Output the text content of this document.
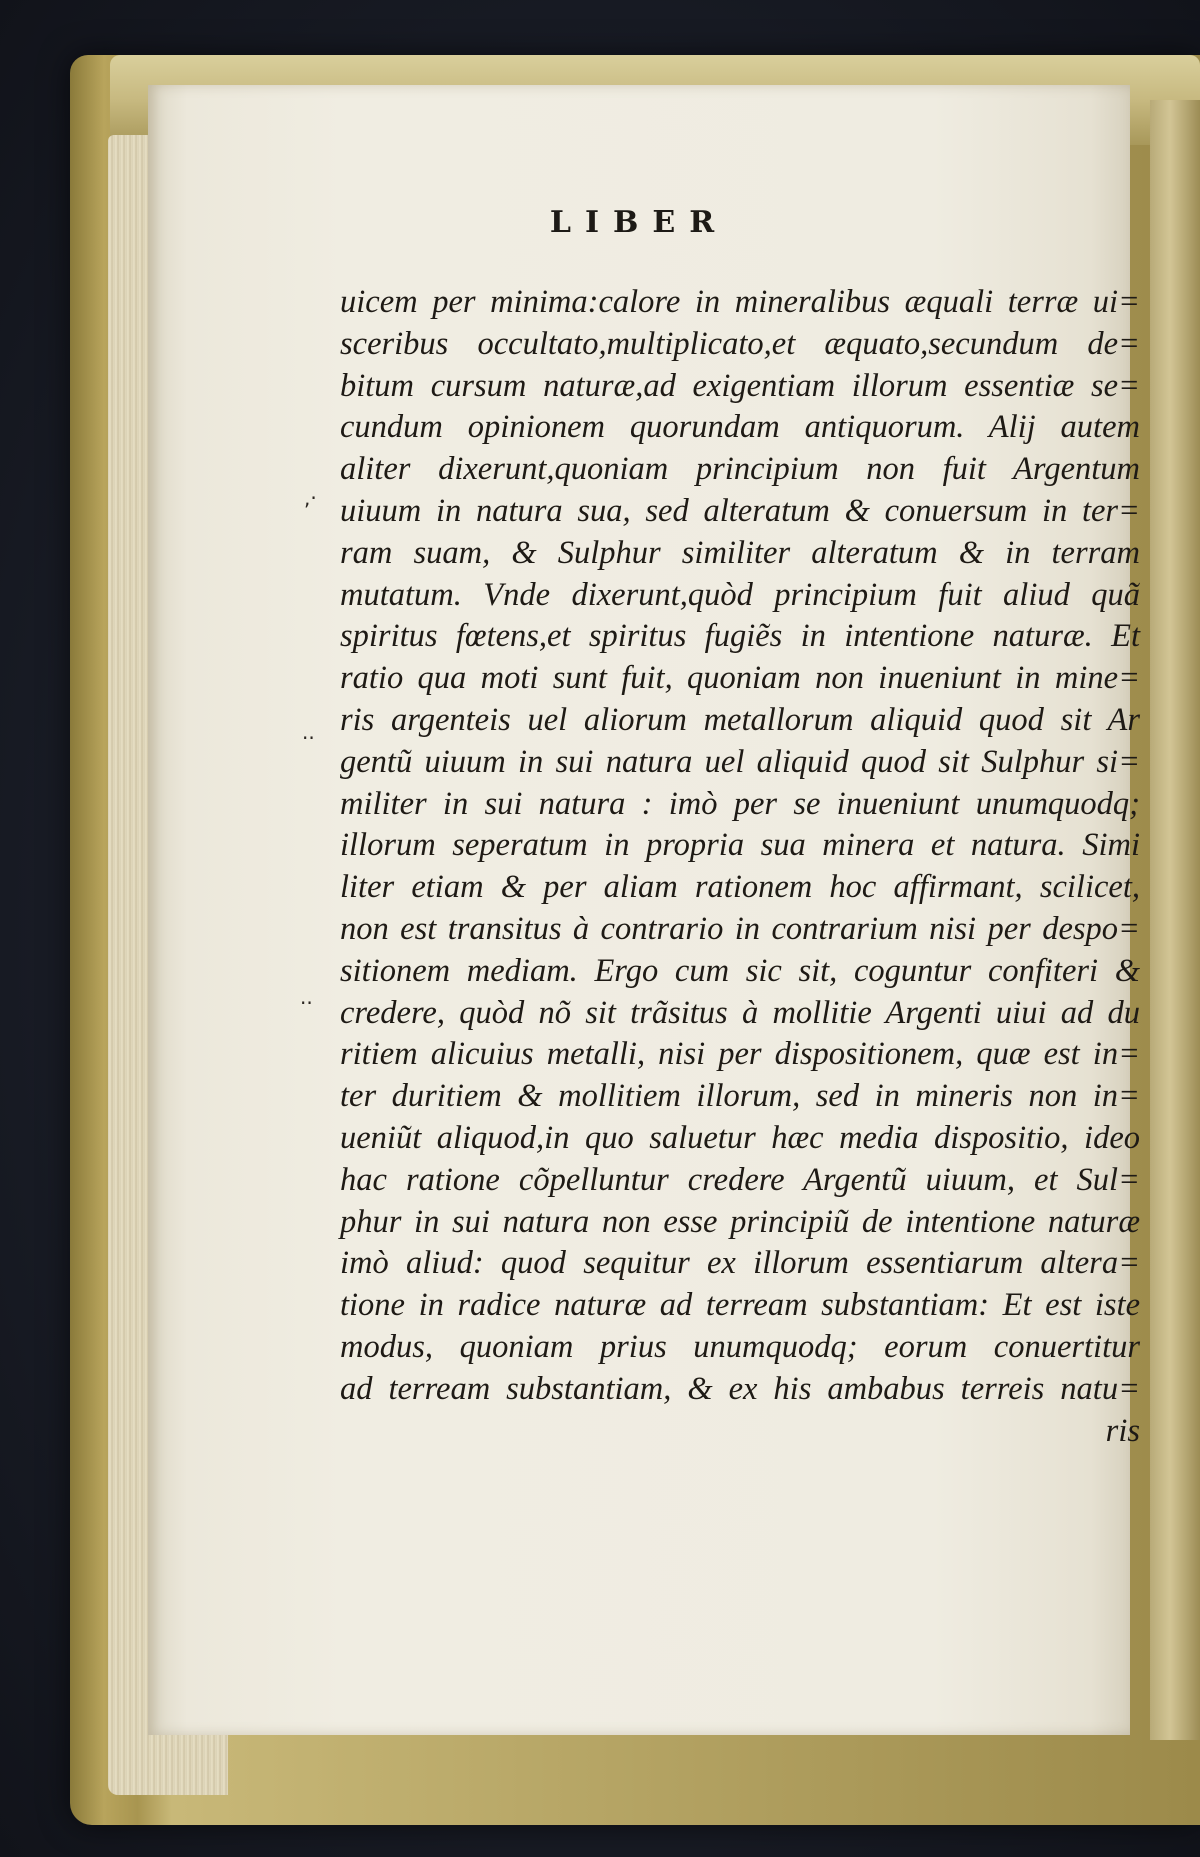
LIBER
,·
..
..
uicem per minima:calore in mineralibus æquali terræ ui=
sceribus occultato,multiplicato,et æquato,secundum de=
bitum cursum naturæ,ad exigentiam illorum essentiæ se=
cundum opinionem quorundam antiquorum. Alij autem
aliter dixerunt,quoniam principium non fuit Argentum
uiuum in natura sua, sed alteratum & conuersum in ter=
ram suam, & Sulphur similiter alteratum & in terram
mutatum. Vnde dixerunt,quòd principium fuit aliud quã
spiritus fœtens,et spiritus fugiẽs in intentione naturæ. Et
ratio qua moti sunt fuit, quoniam non inueniunt in mine=
ris argenteis uel aliorum metallorum aliquid quod sit Ar
gentũ uiuum in sui natura uel aliquid quod sit Sulphur si=
militer in sui natura : imò per se inueniunt unumquodq;
illorum seperatum in propria sua minera et natura. Simi
liter etiam & per aliam rationem hoc affirmant, scilicet,
non est transitus à contrario in contrarium nisi per despo=
sitionem mediam. Ergo cum sic sit, coguntur confiteri &
credere, quòd nõ sit trãsitus à mollitie Argenti uiui ad du
ritiem alicuius metalli, nisi per dispositionem, quæ est in=
ter duritiem & mollitiem illorum, sed in mineris non in=
ueniũt aliquod,in quo saluetur hæc media dispositio, ideo
hac ratione cõpelluntur credere Argentũ uiuum, et Sul=
phur in sui natura non esse principiũ de intentione naturæ
imò aliud: quod sequitur ex illorum essentiarum altera=
tione in radice naturæ ad terream substantiam: Et est iste
modus, quoniam prius unumquodq; eorum conuertitur
ad terream substantiam, & ex his ambabus terreis natu=
ris
